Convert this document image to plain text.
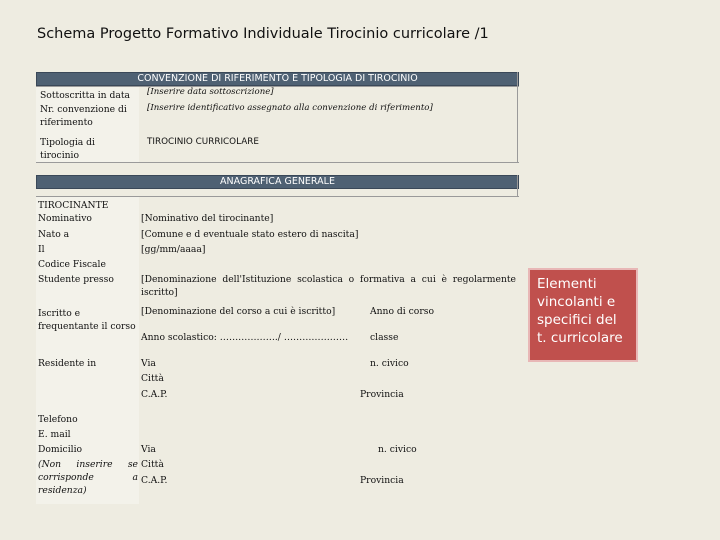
Schema Progetto Formativo Individuale Tirocinio curricolare /1
CONVENZIONE DI RIFERIMENTO E TIPOLOGIA DI TIROCINIO
Sottoscritta in data [Inserire data sottoscrizione]
Nr. convenzione di riferimento
[Inserire identificativo assegnato alla convenzione di riferimento]
Tipologia di tirocinio
TIROCINIO CURRICOLARE
ANAGRAFICA GENERALE
TIROCINANTE
Nominativo	[Nominativo del tirocinante]
Nato a	[Comune e d eventuale stato estero di nascita]
Il	[gg/mm/aaaa]
Codice Fiscale
Studente presso	[Denominazione dell'Istituzione scolastica o formativa a cui è regolarmente iscritto]
Iscritto e frequentante il corso
[Denominazione del corso a cui è iscritto]	Anno di corso
Anno scolastico: ………………./ ………………… classe
Residente in	Via	n. civico
Città
C.A.P.	Provincia
Telefono
E. mail
Domicilio
(Non inserire se corrisponde a residenza)
Via	n. civico
Città
C.A.P.	Provincia
Elementi vincolanti e specifici del t. curricolare
